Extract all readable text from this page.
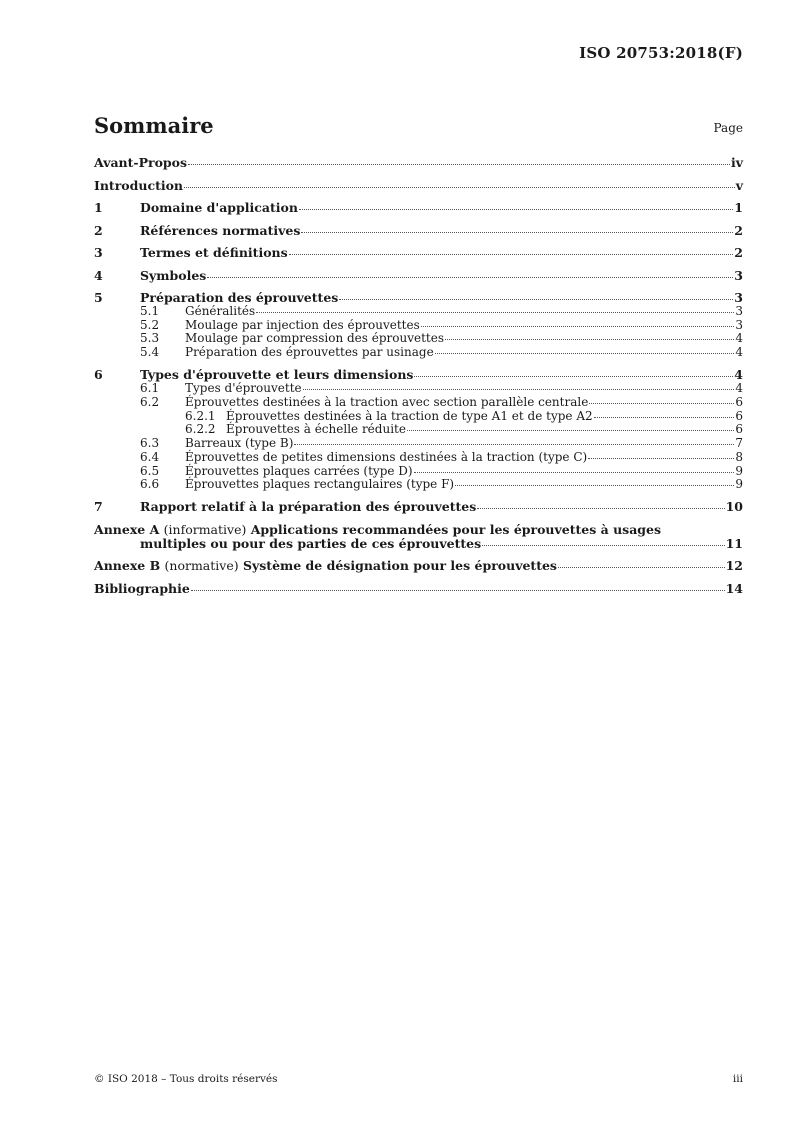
ISO 20753:2018(F)
Sommaire	Page
Avant-Propos	iv
Introduction	v
1	Domaine d'application	1
2	Références normatives	2
3	Termes et définitions	2
4	Symboles	3
5	Préparation des éprouvettes	3
5.1	Généralités	3
5.2	Moulage par injection des éprouvettes	3
5.3	Moulage par compression des éprouvettes	4
5.4	Préparation des éprouvettes par usinage	4
6	Types d'éprouvette et leurs dimensions	4
6.1	Types d'éprouvette	4
6.2	Éprouvettes destinées à la traction avec section parallèle centrale	6
6.2.1 Éprouvettes destinées à la traction de type A1 et de type A2	6
6.2.2 Éprouvettes à échelle réduite	6
6.3	Barreaux (type B)	7
6.4	Éprouvettes de petites dimensions destinées à la traction (type C)	8
6.5	Éprouvettes plaques carrées (type D)	9
6.6	Éprouvettes plaques rectangulaires (type F)	9
7	Rapport relatif à la préparation des éprouvettes	10
Annexe A (informative) Applications recommandées pour les éprouvettes à usages
multiples ou pour des parties de ces éprouvettes	11
Annexe B (normative) Système de désignation pour les éprouvettes	12
Bibliographie	14
© ISO 2018 – Tous droits réservés	iii
